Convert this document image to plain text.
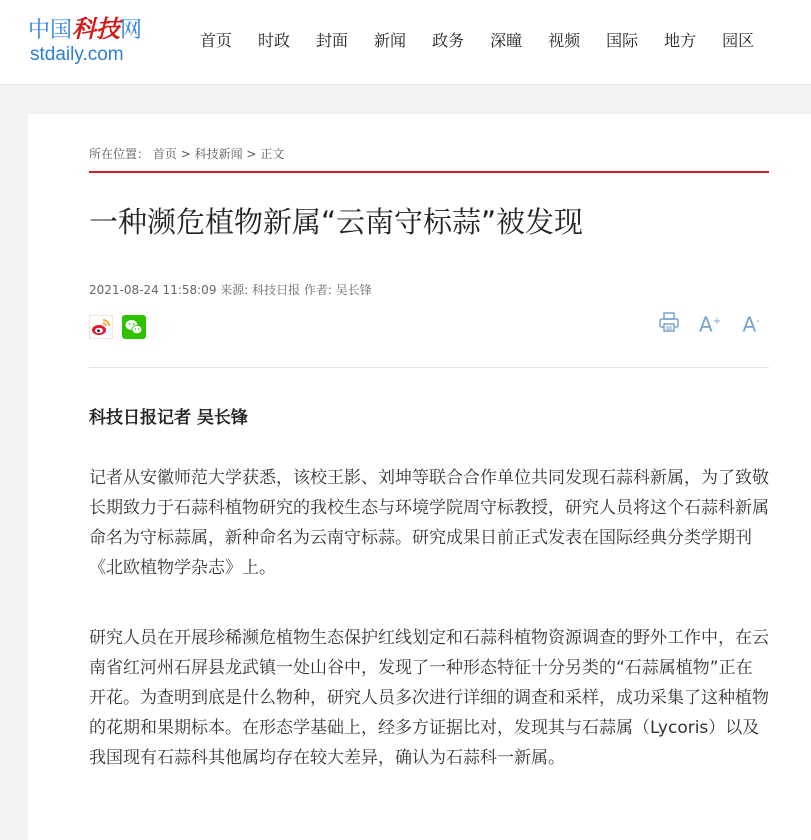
中国科技网
stdaily.com
首页 时政 封面 新闻 政务 深瞳 视频 国际 地方 园区
所在位置： 首页 > 科技新闻 > 正文
一种濒危植物新属“云南守标蒜”被发现
2021-08-24 11:58:09 来源: 科技日报 作者: 吴长锋

A+ A-

科技日报记者 吴长锋

记者从安徽师范大学获悉，该校王影、刘坤等联合合作单位共同发现石蒜科新属，为了致敬长期致力于石蒜科植物研究的我校生态与环境学院周守标教授，研究人员将这个石蒜科新属命名为守标蒜属，新种命名为云南守标蒜。研究成果日前正式发表在国际经典分类学期刊《北欧植物学杂志》上。

研究人员在开展珍稀濒危植物生态保护红线划定和石蒜科植物资源调查的野外工作中，在云南省红河州石屏县龙武镇一处山谷中，发现了一种形态特征十分另类的“石蒜属植物”正在开花。为查明到底是什么物种，研究人员多次进行详细的调查和采样，成功采集了这种植物的花期和果期标本。在形态学基础上，经多方证据比对，发现其与石蒜属（Lycoris）以及我国现有石蒜科其他属均存在较大差异，确认为石蒜科一新属。
